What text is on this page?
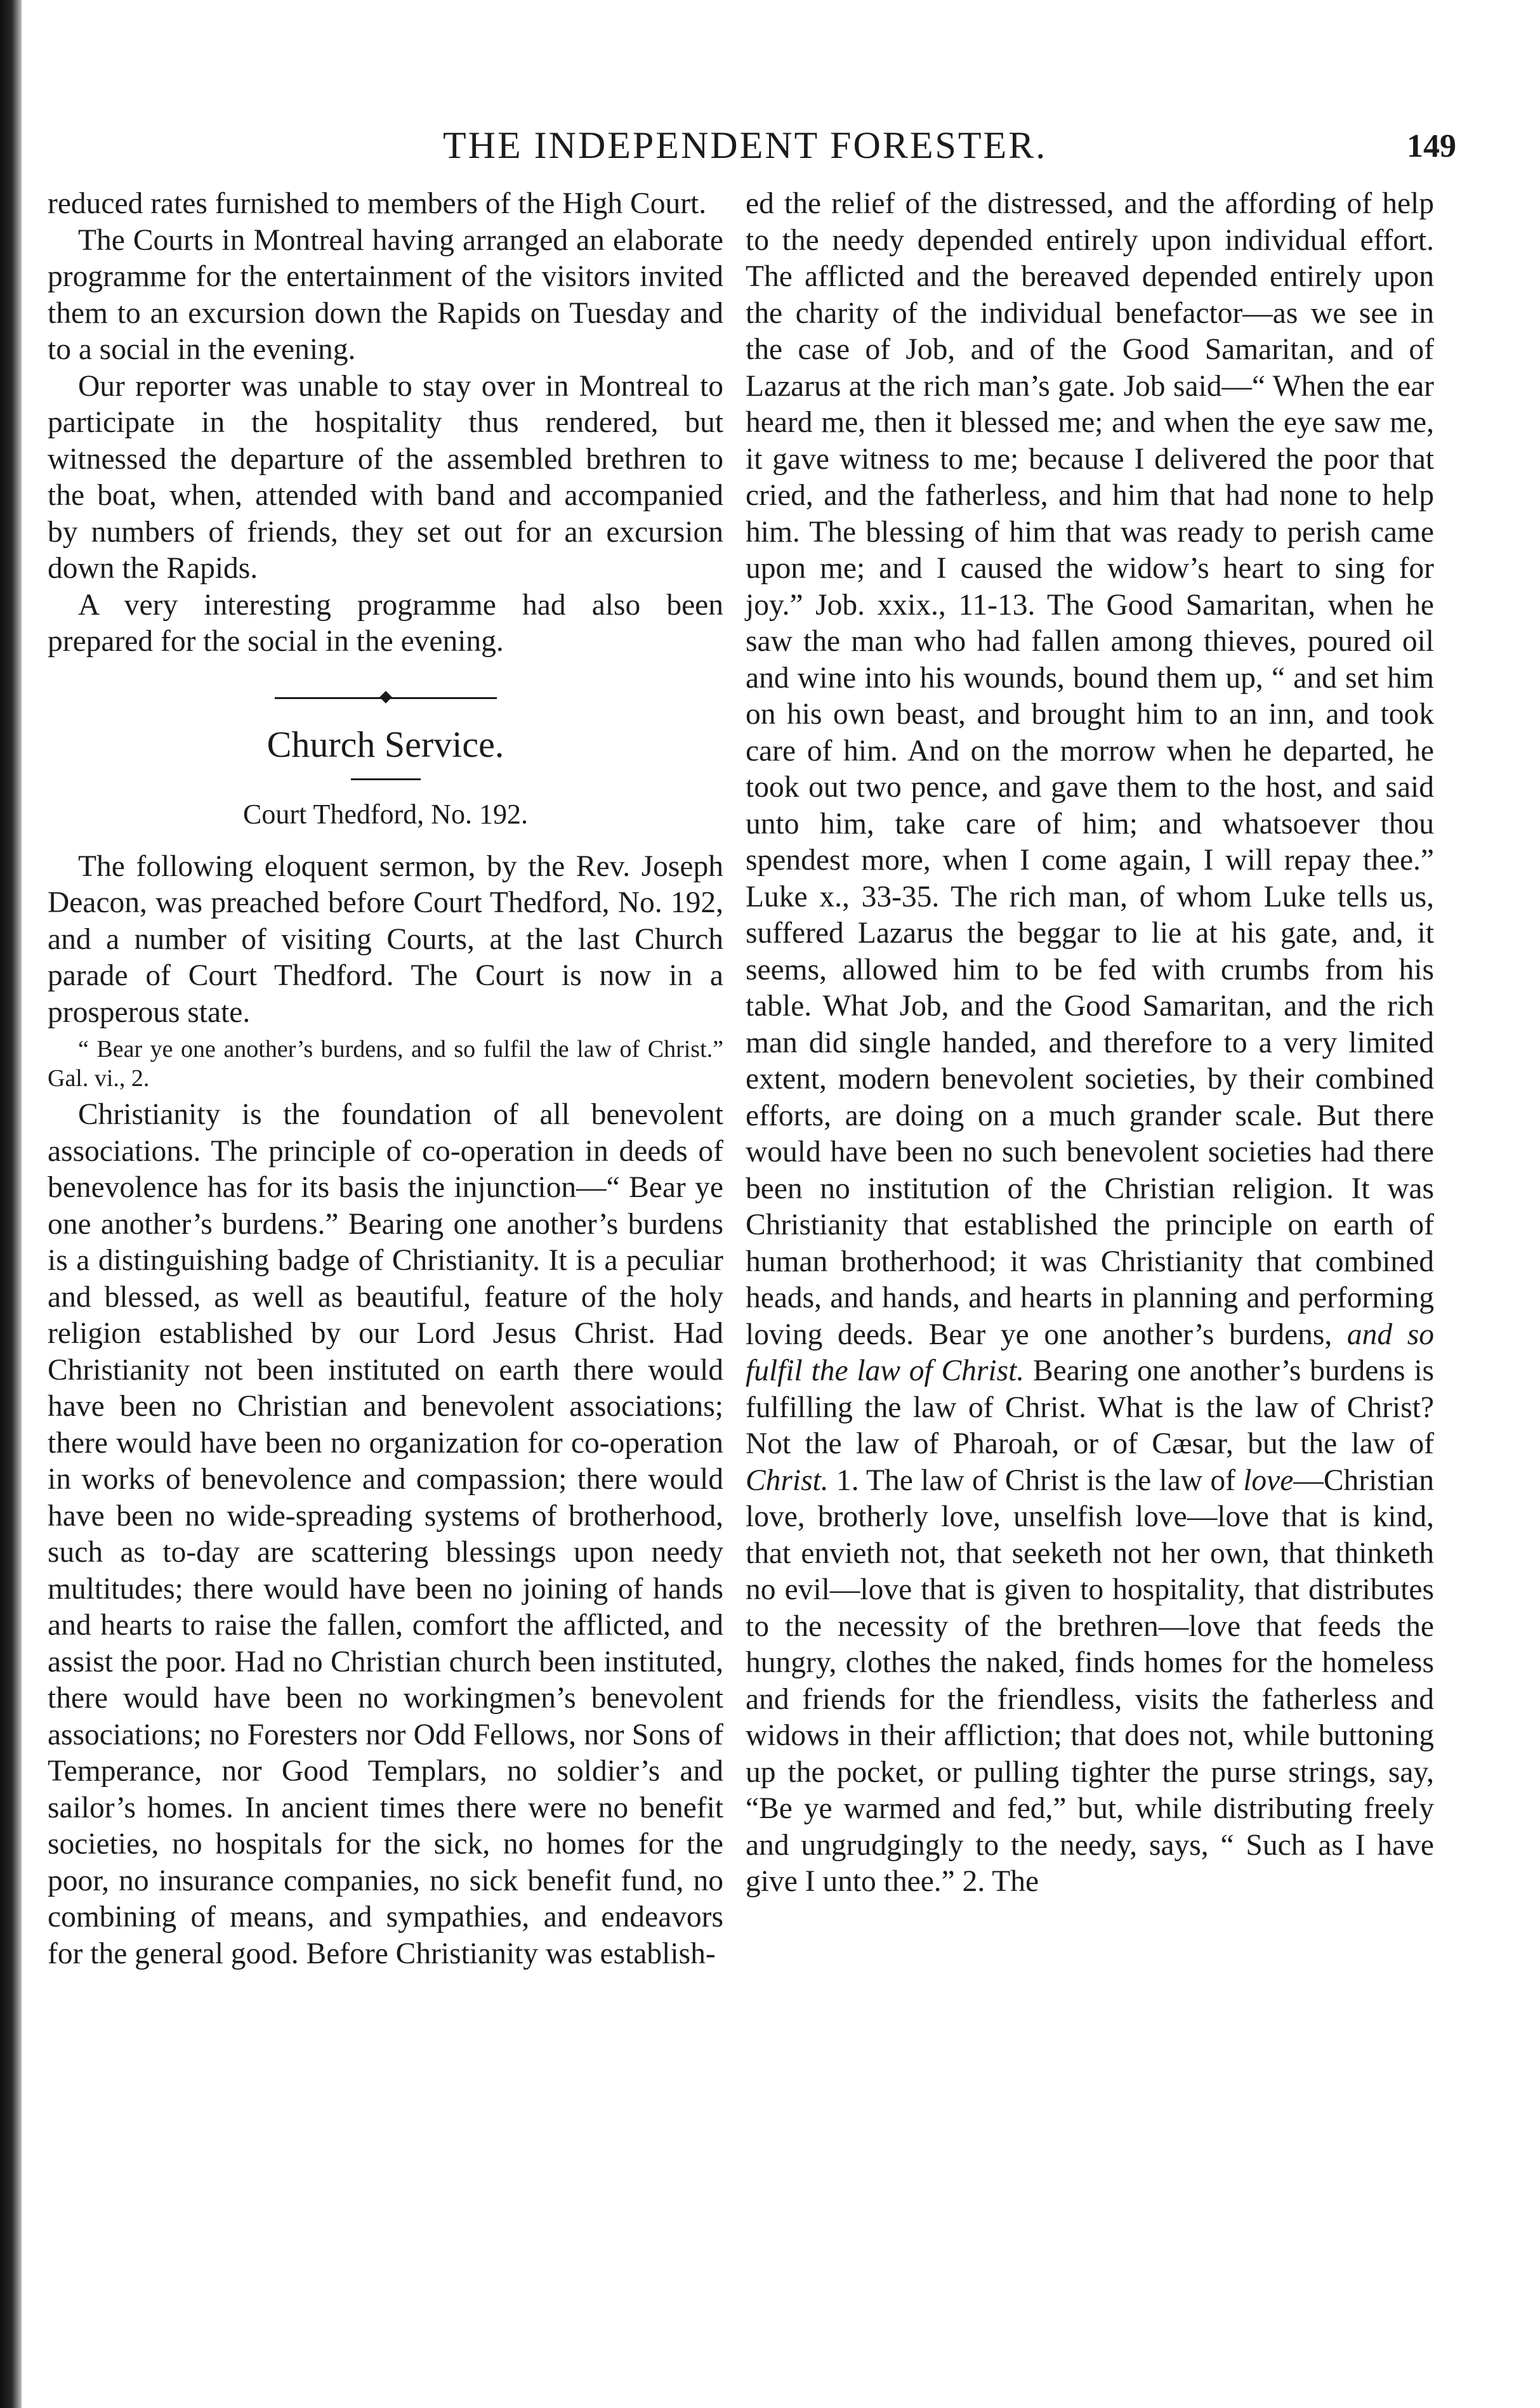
THE INDEPENDENT FORESTER.	149

reduced rates furnished to members of the High Court.

The Courts in Montreal having arranged an elaborate programme for the entertainment of the visitors invited them to an excursion down the Rapids on Tuesday and to a social in the evening.

Our reporter was unable to stay over in Montreal to participate in the hospitality thus rendered, but witnessed the departure of the assembled brethren to the boat, when, attended with band and accompanied by numbers of friends, they set out for an excursion down the Rapids.

A very interesting programme had also been prepared for the social in the evening.

Church Service.
Court Thedford, No. 192.

The following eloquent sermon, by the Rev. Joseph Deacon, was preached before Court Thedford, No. 192, and a number of visiting Courts, at the last Church parade of Court Thedford. The Court is now in a prosperous state.

“ Bear ye one another’s burdens, and so fulfil the law of Christ.” Gal. vi., 2.

Christianity is the foundation of all benevolent associations. The principle of co-operation in deeds of benevolence has for its basis the injunction—“ Bear ye one another’s burdens.” Bearing one another’s burdens is a distinguishing badge of Christianity. It is a peculiar and blessed, as well as beautiful, feature of the holy religion established by our Lord Jesus Christ. Had Christianity not been instituted on earth there would have been no Christian and benevolent associations; there would have been no organization for co-operation in works of benevolence and compassion; there would have been no wide-spreading systems of brotherhood, such as to-day are scattering blessings upon needy multitudes; there would have been no joining of hands and hearts to raise the fallen, comfort the afflicted, and assist the poor. Had no Christian church been instituted, there would have been no workingmen’s benevolent associations; no Foresters nor Odd Fellows, nor Sons of Temperance, nor Good Templars, no soldier’s and sailor’s homes. In ancient times there were no benefit societies, no hospitals for the sick, no homes for the poor, no insurance companies, no sick benefit fund, no combining of means, and sympathies, and endeavors for the general good. Before Christianity was establish-

ed the relief of the distressed, and the affording of help to the needy depended entirely upon individual effort. The afflicted and the bereaved depended entirely upon the charity of the individual benefactor—as we see in the case of Job, and of the Good Samaritan, and of Lazarus at the rich man’s gate. Job said—“ When the ear heard me, then it blessed me; and when the eye saw me, it gave witness to me; because I delivered the poor that cried, and the fatherless, and him that had none to help him. The blessing of him that was ready to perish came upon me; and I caused the widow’s heart to sing for joy.” Job. xxix., 11-13. The Good Samaritan, when he saw the man who had fallen among thieves, poured oil and wine into his wounds, bound them up, “ and set him on his own beast, and brought him to an inn, and took care of him. And on the morrow when he departed, he took out two pence, and gave them to the host, and said unto him, take care of him; and whatsoever thou spendest more, when I come again, I will repay thee.” Luke x., 33-35. The rich man, of whom Luke tells us, suffered Lazarus the beggar to lie at his gate, and, it seems, allowed him to be fed with crumbs from his table. What Job, and the Good Samaritan, and the rich man did single handed, and therefore to a very limited extent, modern benevolent societies, by their combined efforts, are doing on a much grander scale. But there would have been no such benevolent societies had there been no institution of the Christian religion. It was Christianity that established the principle on earth of human brotherhood; it was Christianity that combined heads, and hands, and hearts in planning and performing loving deeds. Bear ye one another’s burdens, and so fulfil the law of Christ. Bearing one another’s burdens is fulfilling the law of Christ. What is the law of Christ? Not the law of Pharoah, or of Cæsar, but the law of Christ. 1. The law of Christ is the law of love—Christian love, brotherly love, unselfish love—love that is kind, that envieth not, that seeketh not her own, that thinketh no evil—love that is given to hospitality, that distributes to the necessity of the brethren—love that feeds the hungry, clothes the naked, finds homes for the homeless and friends for the friendless, visits the fatherless and widows in their affliction; that does not, while buttoning up the pocket, or pulling tighter the purse strings, say, “Be ye warmed and fed,” but, while distributing freely and ungrudgingly to the needy, says, “ Such as I have give I unto thee.” 2. The
